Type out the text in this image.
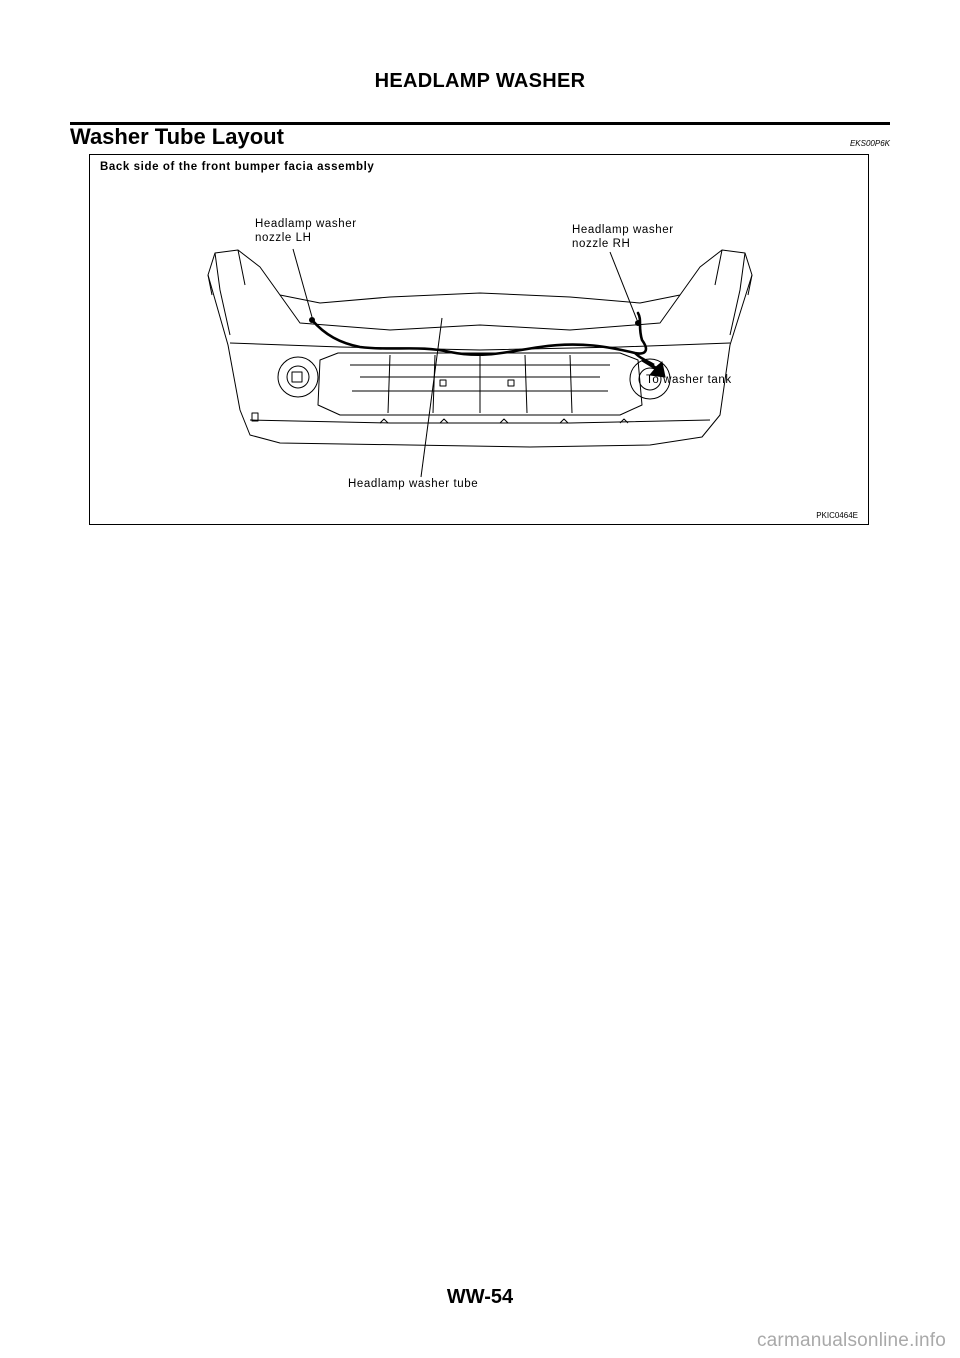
HEADLAMP WASHER
Washer Tube Layout	EKS00P6K
Back side of the front bumper facia assembly
Headlamp washer
nozzle LH
Headlamp washer
nozzle RH
To washer tank
Headlamp washer tube
PKIC0464E
WW-54
carmanualsonline.info
